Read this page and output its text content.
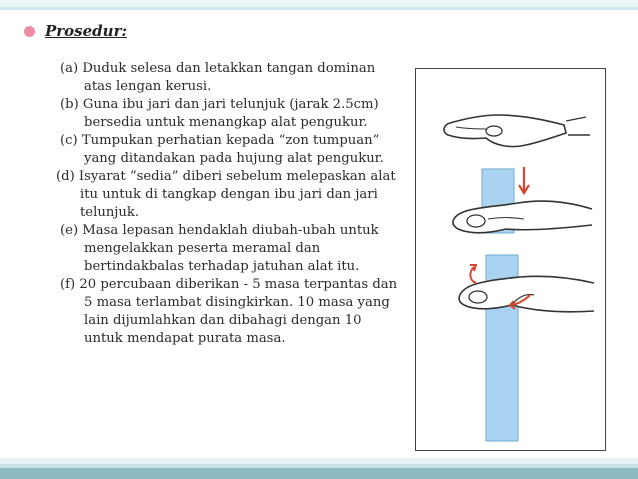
Prosedur:
(a) Duduk selesa dan letakkan tangan dominan atas lengan kerusi.
(b) Guna ibu jari dan jari telunjuk (jarak 2.5cm) bersedia untuk menangkap alat pengukur.
(c) Tumpukan perhatian kepada “zon tumpuan” yang ditandakan pada hujung alat pengukur.
(d) Isyarat “sedia” diberi sebelum melepaskan alat itu untuk di tangkap dengan ibu jari dan jari telunjuk.
(e) Masa lepasan hendaklah diubah-ubah untuk mengelakkan peserta meramal dan bertindakbalas terhadap jatuhan alat itu.
(f) 20 percubaan diberikan - 5 masa terpantas dan 5 masa terlambat disingkirkan. 10 masa yang lain dijumlahkan dan dibahagi dengan 10 untuk mendapat purata masa.
